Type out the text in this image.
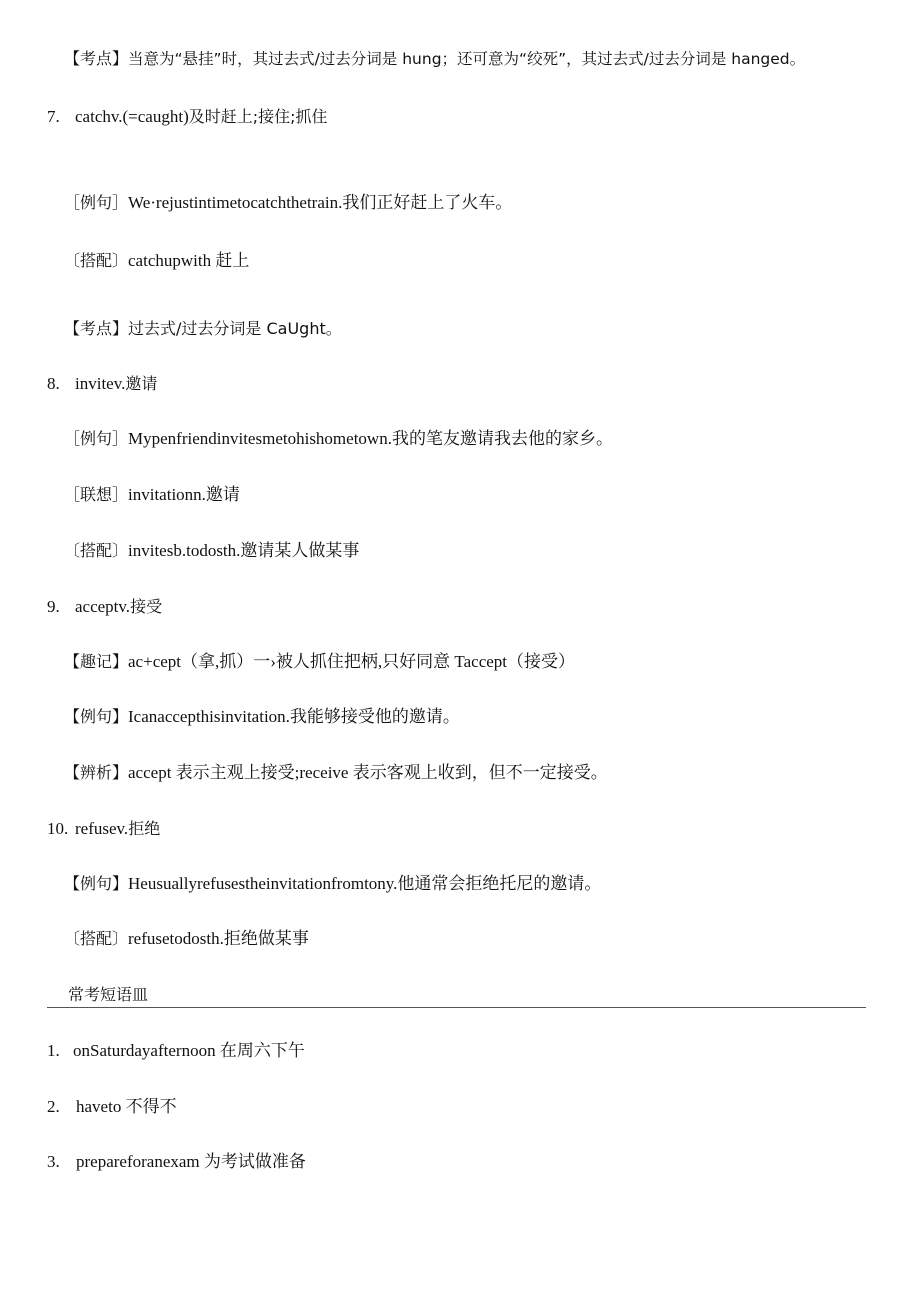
【考点】当意为“悬挂”时，其过去式/过去分词是 hung；还可意为“绞死”，其过去式/过去分词是 hanged。
7. catchv.(=caught)及时赶上;接住;抓住
［例句］We·rejustintimetocatchthetrain.我们正好赶上了火车。
〔搭配〕catchupwith 赶上
【考点】过去式/过去分词是 CaUght。
8. invitev.邀请
［例句］Mypenfriendinvitesmetohishometown.我的笔友邀请我去他的家乡。
［联想］invitationn.邀请
〔搭配〕invitesb.todosth.邀请某人做某事
9. acceptv.接受
【趣记】ac+cept（拿,抓）一›被人抓住把柄,只好同意 Taccept（接受）
【例句】Icanaccepthisinvitation.我能够接受他的邀请。
【辨析】accept 表示主观上接受;receive 表示客观上收到，但不一定接受。
10. refusev.拒绝
【例句】Heusuallyrefusestheinvitationfromtony.他通常会拒绝托尼的邀请。
〔搭配〕refusetodosth.拒绝做某事
常考短语皿
1. onSaturdayafternoon 在周六下午
2. haveto 不得不
3. prepareforanexam 为考试做准备
